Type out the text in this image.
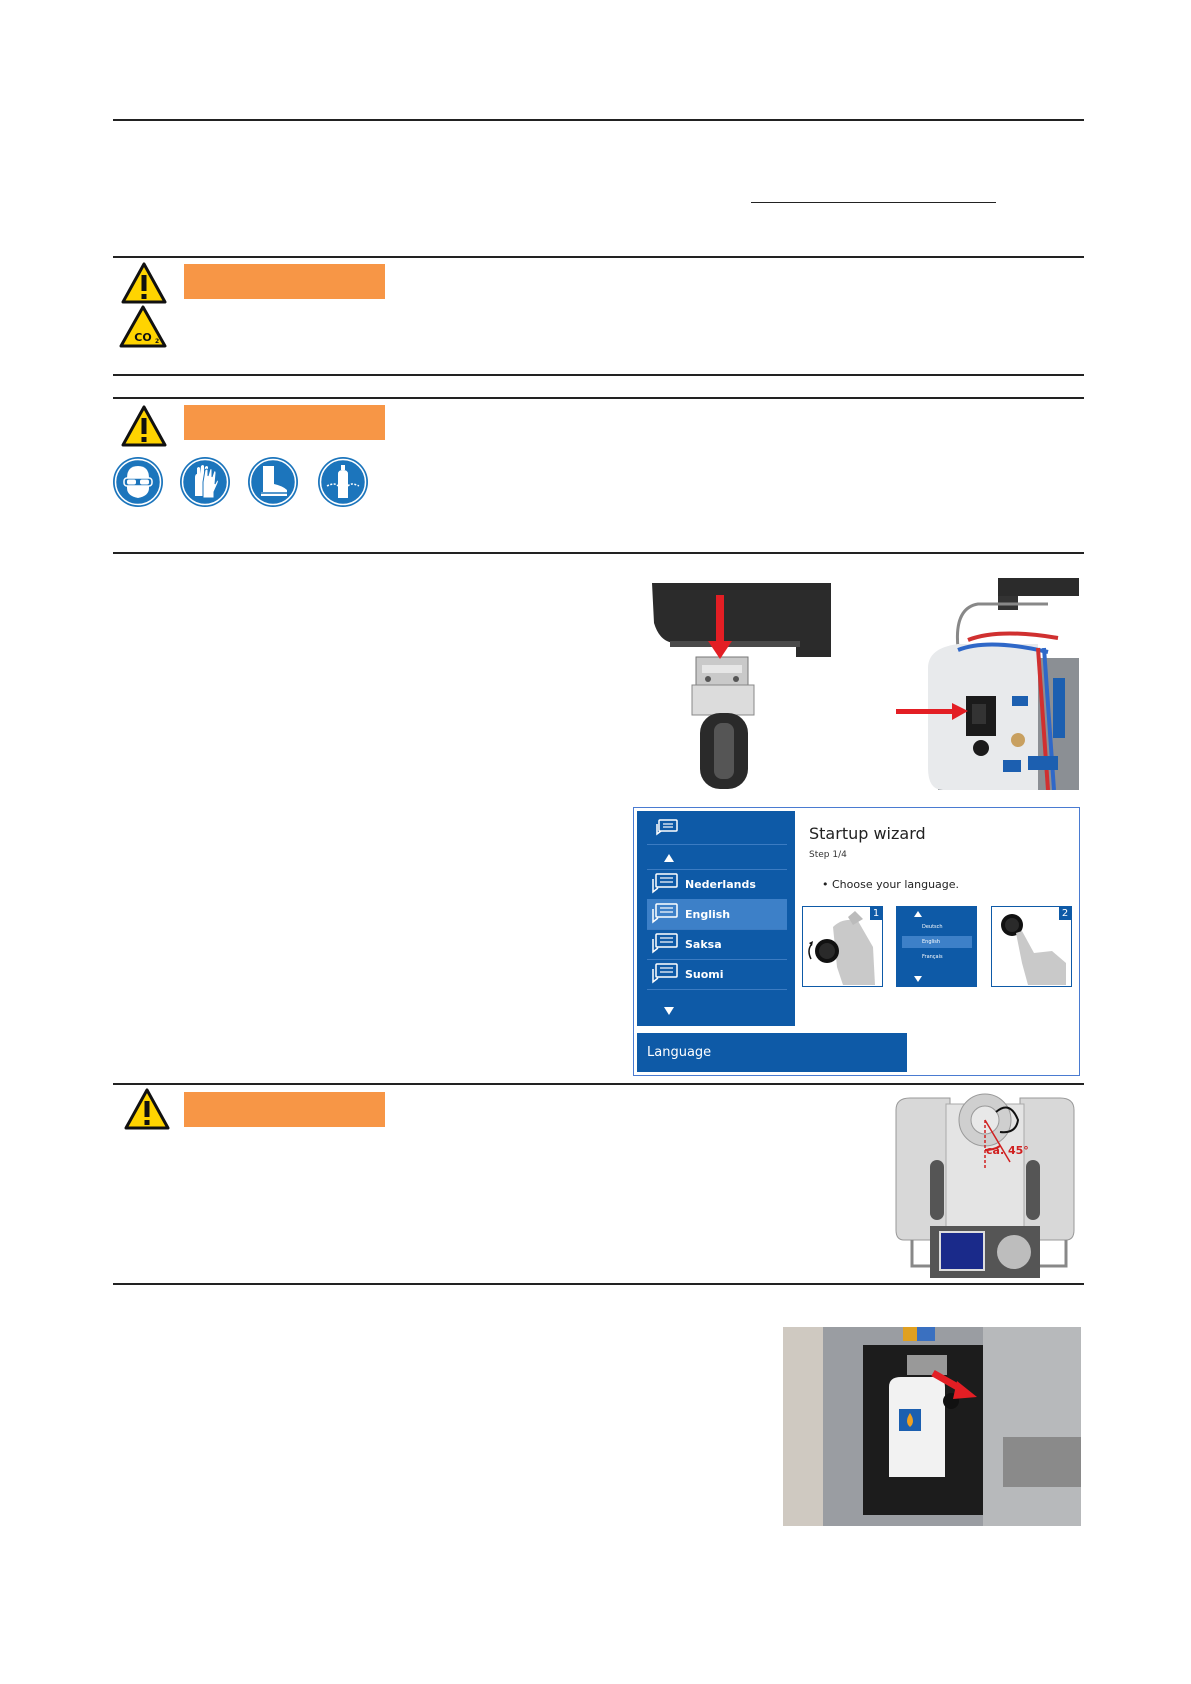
CO 2
Nederlands
English
Saksa
Suomi
Startup wizard
Step 1/4
• Choose your language.
1
Deutsch
English
Français
2
Language
ca. 45°
